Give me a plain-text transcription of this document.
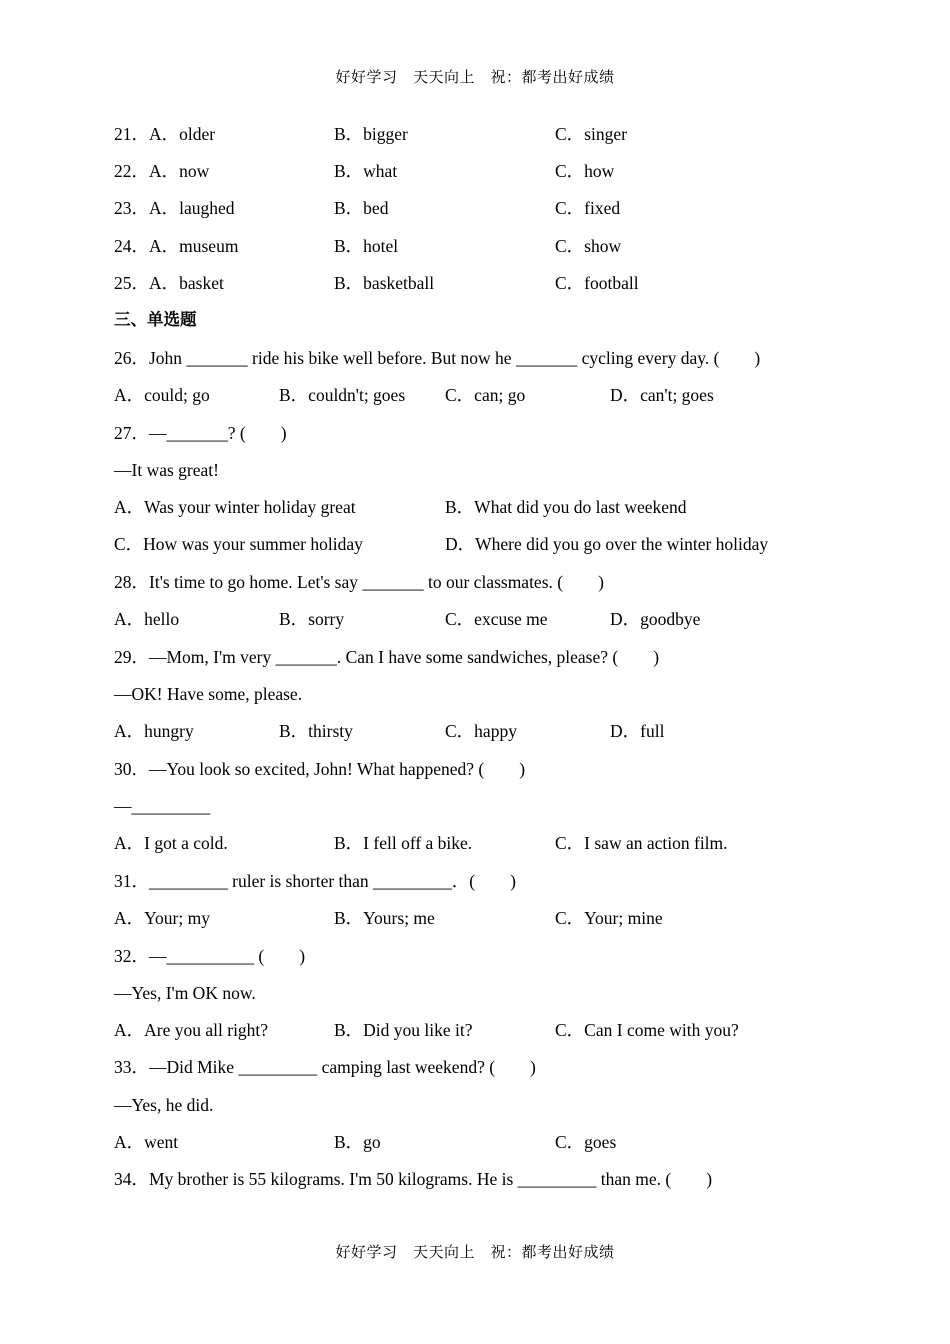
好好学习　天天向上　祝：都考出好成绩
21．A．older	B．bigger	C．singer
22．A．now	B．what	C．how
23．A．laughed	B．bed	C．fixed
24．A．museum	B．hotel	C．show
25．A．basket	B．basketball	C．football
三、单选题
26．John _______ ride his bike well before. But now he _______ cycling every day. (　　)
A．could; go	B．couldn't; goes C．can; go	D．can't; goes
27．—_______? (　　)
—It was great!
A．Was your winter holiday great	B．What did you do last weekend
C．How was your summer holiday	D．Where did you go over the winter holiday
28．It's time to go home. Let's say _______ to our classmates. (　　)
A．hello	B．sorry	C．excuse me	D．goodbye
29．—Mom, I'm very _______. Can I have some sandwiches, please? (　　)
—OK! Have some, please.
A．hungry	B．thirsty	C．happy	D．full
30．—You look so excited, John! What happened? (　　)
—_________
A．I got a cold.	B．I fell off a bike.	C．I saw an action film.
31．_________ ruler is shorter than _________．(　　)
A．Your; my	B．Yours; me	C．Your; mine
32．—__________ (　　)
—Yes, I'm OK now.
A．Are you all right?	B．Did you like it?	C．Can I come with you?
33．—Did Mike _________ camping last weekend? (　　)
—Yes, he did.
A．went	B．go	C．goes
34．My brother is 55 kilograms. I'm 50 kilograms. He is _________ than me. (　　)
好好学习　天天向上　祝：都考出好成绩
